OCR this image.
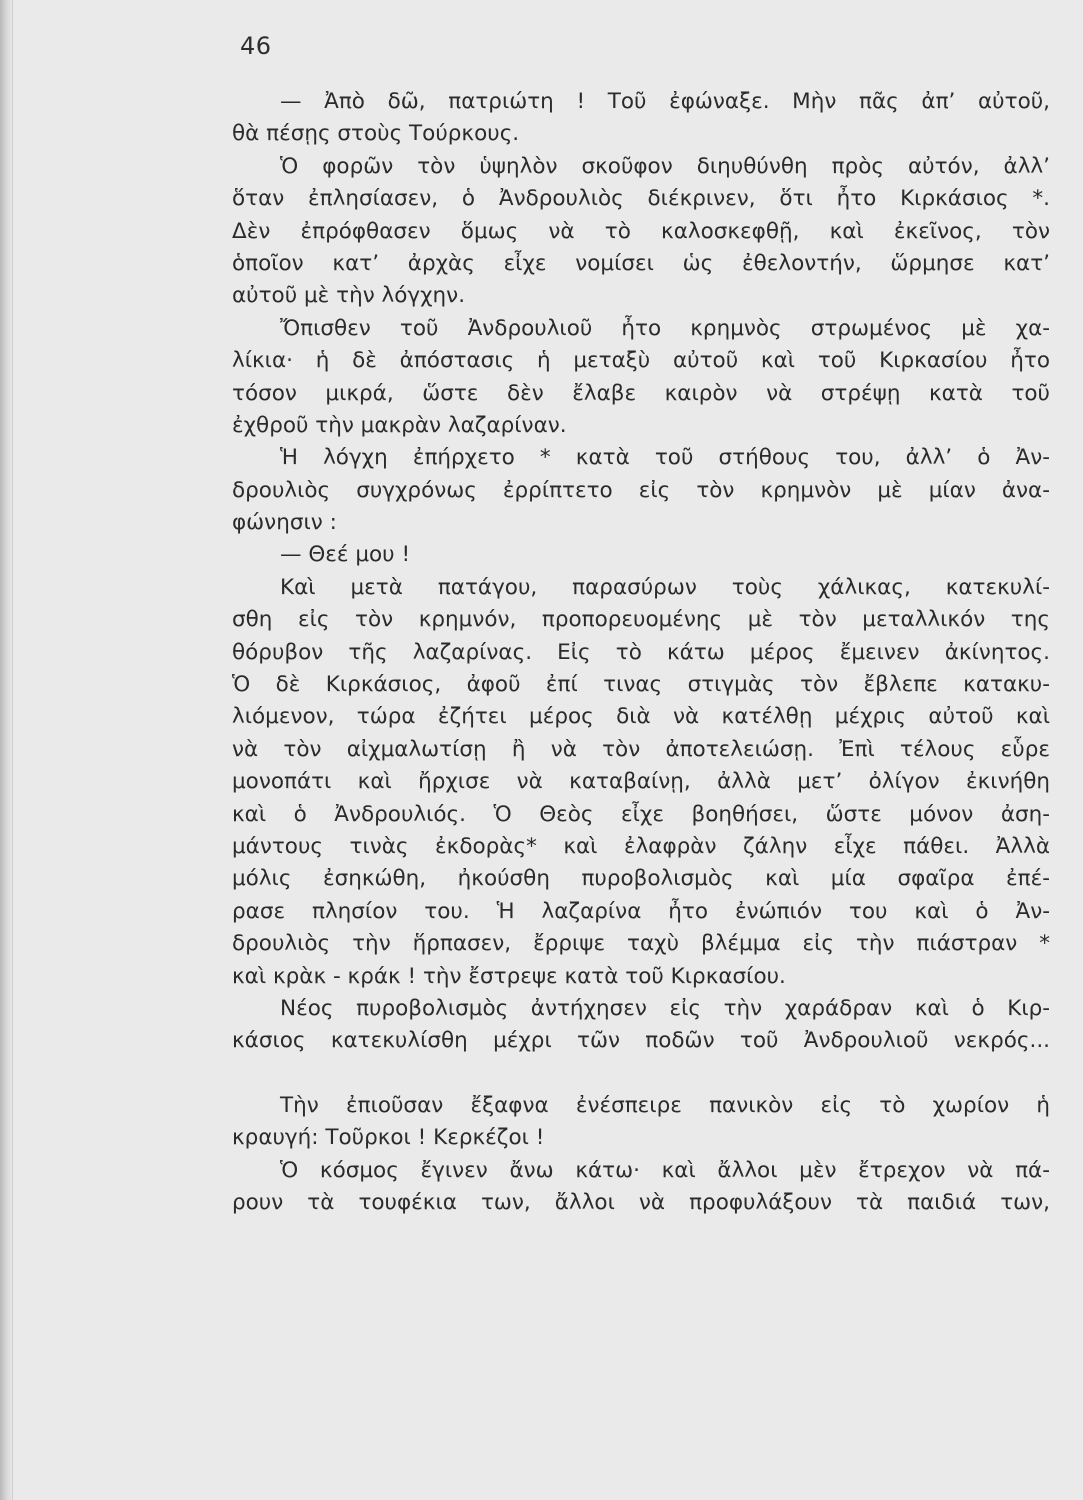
46
— Ἀπὸ δῶ, πατριώτη ! Τοῦ ἐφώναξε. Μὴν πᾶς ἀπ’ αὐτοῦ,
θὰ πέσῃς στοὺς Τούρκους.
Ὁ φορῶν τὸν ὑψηλὸν σκοῦφον διηυθύνθη πρὸς αὐτόν, ἀλλ’
ὅταν ἐπλησίασεν, ὁ Ἀνδρουλιὸς διέκρινεν, ὅτι ἦτο Κιρκάσιος *.
Δὲν ἐπρόφθασεν ὅμως νὰ τὸ καλοσκεφθῇ, καὶ ἐκεῖνος, τὸν
ὁποῖον κατ’ ἀρχὰς εἶχε νομίσει ὡς ἐθελοντήν, ὥρμησε κατ’
αὐτοῦ μὲ τὴν λόγχην.
Ὄπισθεν τοῦ Ἀνδρουλιοῦ ἦτο κρημνὸς στρωμένος μὲ χα-
λίκια· ἡ δὲ ἀπόστασις ἡ μεταξὺ αὐτοῦ καὶ τοῦ Κιρκασίου ἦτο
τόσον μικρά, ὥστε δὲν ἔλαβε καιρὸν νὰ στρέψῃ κατὰ τοῦ
ἐχθροῦ τὴν μακρὰν λαζαρίναν.
Ἡ λόγχη ἐπήρχετο * κατὰ τοῦ στήθους του, ἀλλ’ ὁ Ἀν-
δρουλιὸς συγχρόνως ἐρρίπτετο εἰς τὸν κρημνὸν μὲ μίαν ἀνα-
φώνησιν :
— Θεέ μου !
Καὶ μετὰ πατάγου, παρασύρων τοὺς χάλικας, κατεκυλί-
σθη εἰς τὸν κρημνόν, προπορευομένης μὲ τὸν μεταλλικόν της
θόρυβον τῆς λαζαρίνας. Εἰς τὸ κάτω μέρος ἔμεινεν ἀκίνητος.
Ὁ δὲ Κιρκάσιος, ἀφοῦ ἐπί τινας στιγμὰς τὸν ἔβλεπε κατακυ-
λιόμενον, τώρα ἐζήτει μέρος διὰ νὰ κατέλθῃ μέχρις αὐτοῦ καὶ
νὰ τὸν αἰχμαλωτίσῃ ἢ νὰ τὸν ἀποτελειώσῃ. Ἐπὶ τέλους εὗρε
μονοπάτι καὶ ἤρχισε νὰ καταβαίνῃ, ἀλλὰ μετ’ ὀλίγον ἐκινήθη
καὶ ὁ Ἀνδρουλιός. Ὁ Θεὸς εἶχε βοηθήσει, ὥστε μόνον ἀση-
μάντους τινὰς ἐκδορὰς* καὶ ἐλαφρὰν ζάλην εἶχε πάθει. Ἀλλὰ
μόλις ἐσηκώθη, ἠκούσθη πυροβολισμὸς καὶ μία σφαῖρα ἐπέ-
ρασε πλησίον του. Ἡ λαζαρίνα ἦτο ἐνώπιόν του καὶ ὁ Ἀν-
δρουλιὸς τὴν ἥρπασεν, ἔρριψε ταχὺ βλέμμα εἰς τὴν πιάστραν *
καὶ κρὰκ - κράκ ! τὴν ἔστρεψε κατὰ τοῦ Κιρκασίου.
Νέος πυροβολισμὸς ἀντήχησεν εἰς τὴν χαράδραν καὶ ὁ Κιρ-
κάσιος κατεκυλίσθη μέχρι τῶν ποδῶν τοῦ Ἀνδρουλιοῦ νεκρός...
Τὴν ἐπιοῦσαν ἔξαφνα ἐνέσπειρε πανικὸν εἰς τὸ χωρίον ἡ
κραυγή: Τοῦρκοι ! Κερκέζοι !
Ὁ κόσμος ἔγινεν ἄνω κάτω· καὶ ἄλλοι μὲν ἔτρεχον νὰ πά-
ρουν τὰ τουφέκια των, ἄλλοι νὰ προφυλάξουν τὰ παιδιά των,
